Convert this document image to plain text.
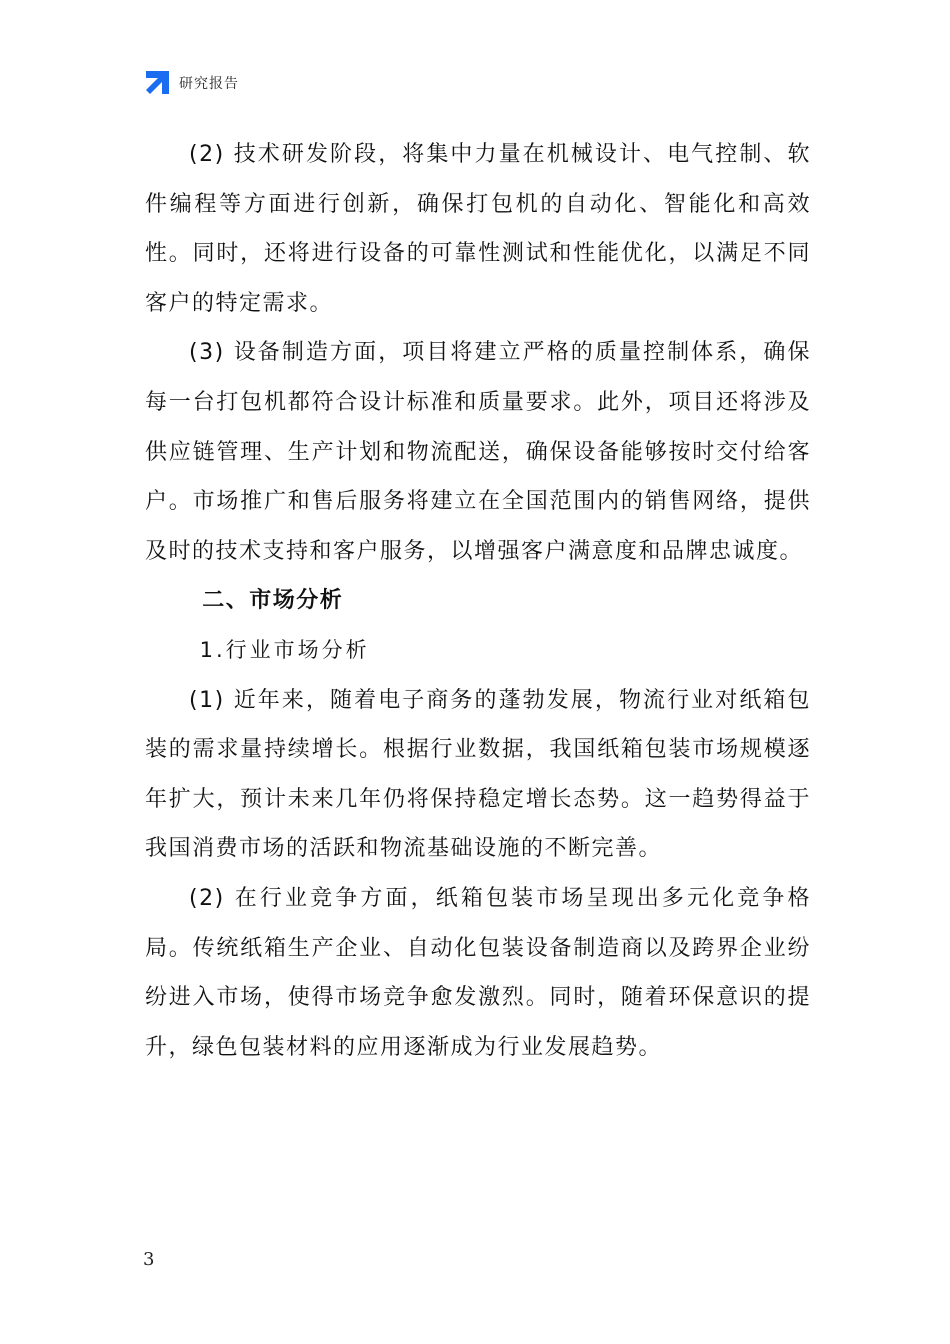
研究报告

(2) 技术研发阶段，将集中力量在机械设计、电气控制、软件编程等方面进行创新，确保打包机的自动化、智能化和高效性。同时，还将进行设备的可靠性测试和性能优化，以满足不同客户的特定需求。

(3) 设备制造方面，项目将建立严格的质量控制体系，确保每一台打包机都符合设计标准和质量要求。此外，项目还将涉及供应链管理、生产计划和物流配送，确保设备能够按时交付给客户。市场推广和售后服务将建立在全国范围内的销售网络，提供及时的技术支持和客户服务，以增强客户满意度和品牌忠诚度。

二、市场分析

1.行业市场分析

(1) 近年来，随着电子商务的蓬勃发展，物流行业对纸箱包装的需求量持续增长。根据行业数据，我国纸箱包装市场规模逐年扩大，预计未来几年仍将保持稳定增长态势。这一趋势得益于我国消费市场的活跃和物流基础设施的不断完善。

(2) 在行业竞争方面，纸箱包装市场呈现出多元化竞争格局。传统纸箱生产企业、自动化包装设备制造商以及跨界企业纷纷进入市场，使得市场竞争愈发激烈。同时，随着环保意识的提升，绿色包装材料的应用逐渐成为行业发展趋势。

3
